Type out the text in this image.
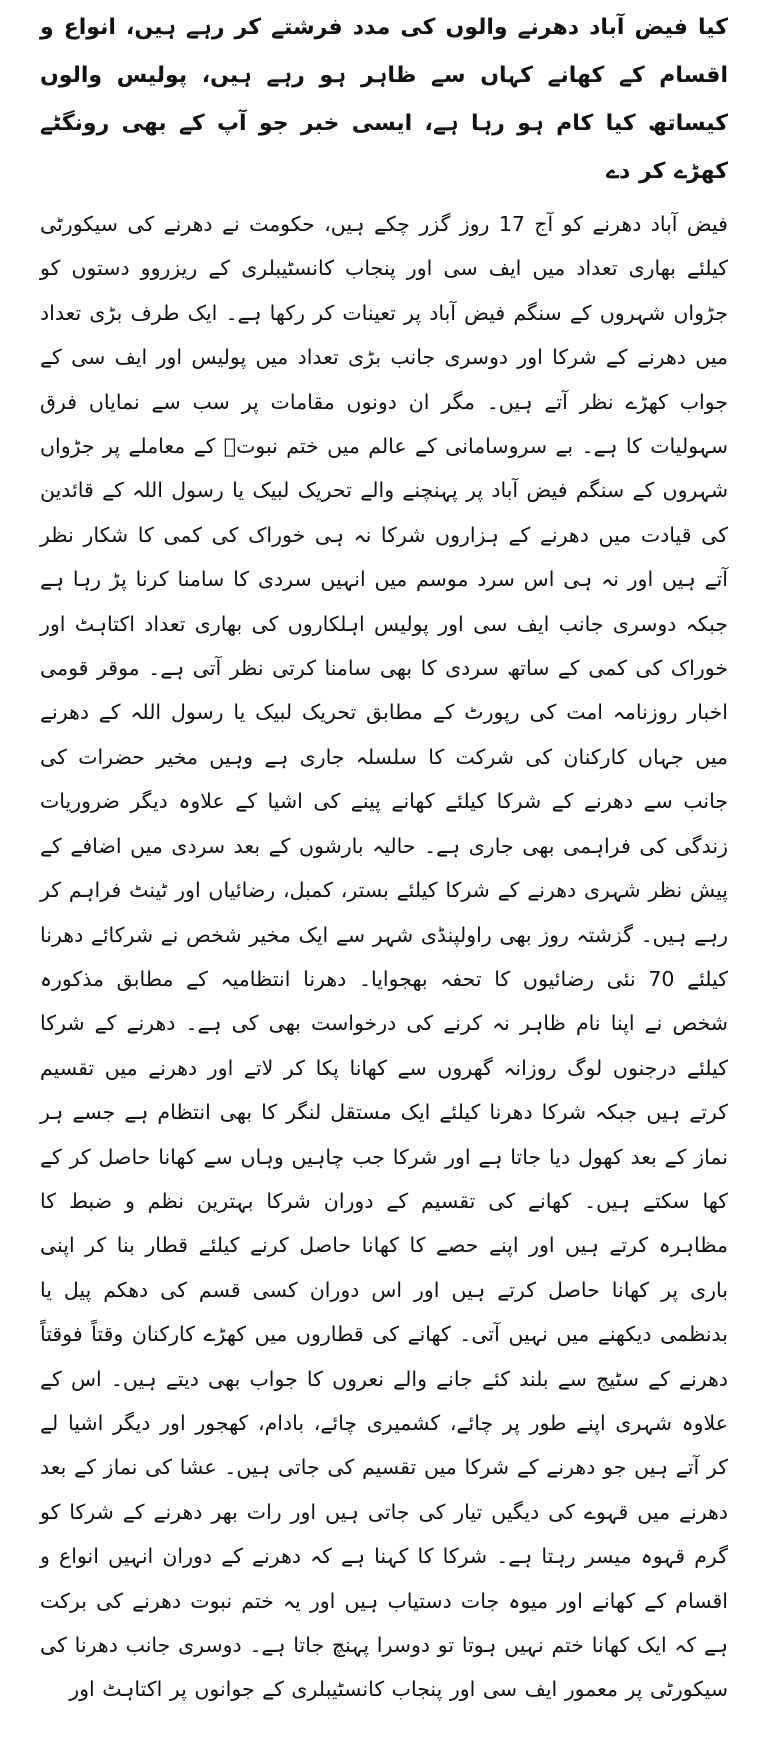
کیا فیض آباد دھرنے والوں کی مدد فرشتے کر رہے ہیں، انواع و اقسام کے کھانے کہاں سے ظاہر ہو رہے ہیں، پولیس والوں کیساتھ کیا کام ہو رہا ہے، ایسی خبر جو آپ کے بھی رونگٹے کھڑے کر دے

فیض آباد دھرنے کو آج 17 روز گزر چکے ہیں، حکومت نے دھرنے کی سیکورٹی کیلئے بھاری تعداد میں ایف سی اور پنجاب کانسٹیبلری کے ریزروو دستوں کو جڑواں شہروں کے سنگم فیض آباد پر تعینات کر رکھا ہے۔ ایک طرف بڑی تعداد میں دھرنے کے شرکا اور دوسری جانب بڑی تعداد میں پولیس اور ایف سی کے جواب کھڑے نظر آتے ہیں۔ مگر ان دونوں مقامات پر سب سے نمایاں فرق سہولیات کا ہے۔ بے سروسامانی کے عالم میں ختم نبوتؐ کے معاملے پر جڑواں شہروں کے سنگم فیض آباد پر پہنچنے والے تحریک لبیک یا رسول اللہ کے قائدین کی قیادت میں دھرنے کے ہزاروں شرکا نہ ہی خوراک کی کمی کا شکار نظر آتے ہیں اور نہ ہی اس سرد موسم میں انہیں سردی کا سامنا کرنا پڑ رہا ہے جبکہ دوسری جانب ایف سی اور پولیس اہلکاروں کی بھاری تعداد اکتاہٹ اور خوراک کی کمی کے ساتھ سردی کا بھی سامنا کرتی نظر آتی ہے۔ موقر قومی اخبار روزنامہ امت کی رپورٹ کے مطابق تحریک لبیک یا رسول اللہ کے دھرنے میں جہاں کارکنان کی شرکت کا سلسلہ جاری ہے وہیں مخیر حضرات کی جانب سے دھرنے کے شرکا کیلئے کھانے پینے کی اشیا کے علاوہ دیگر ضروریات زندگی کی فراہمی بھی جاری ہے۔ حالیہ بارشوں کے بعد سردی میں اضافے کے پیش نظر شہری دھرنے کے شرکا کیلئے بستر، کمبل، رضائیاں اور ٹینٹ فراہم کر رہے ہیں۔ گزشتہ روز بھی راولپنڈی شہر سے ایک مخیر شخص نے شرکائے دھرنا کیلئے 70 نئی رضائیوں کا تحفہ بھجوایا۔ دھرنا انتظامیہ کے مطابق مذکورہ شخص نے اپنا نام ظاہر نہ کرنے کی درخواست بھی کی ہے۔ دھرنے کے شرکا کیلئے درجنوں لوگ روزانہ گھروں سے کھانا پکا کر لاتے اور دھرنے میں تقسیم کرتے ہیں جبکہ شرکا دھرنا کیلئے ایک مستقل لنگر کا بھی انتظام ہے جسے ہر نماز کے بعد کھول دیا جاتا ہے اور شرکا جب چاہیں وہاں سے کھانا حاصل کر کے کھا سکتے ہیں۔ کھانے کی تقسیم کے دوران شرکا بہترین نظم و ضبط کا مظاہرہ کرتے ہیں اور اپنے حصے کا کھانا حاصل کرنے کیلئے قطار بنا کر اپنی باری پر کھانا حاصل کرتے ہیں اور اس دوران کسی قسم کی دھکم پیل یا بدنظمی دیکھنے میں نہیں آتی۔ کھانے کی قطاروں میں کھڑے کارکنان وقتاً فوقتاً دھرنے کے سٹیج سے بلند کئے جانے والے نعروں کا جواب بھی دیتے ہیں۔ اس کے علاوہ شہری اپنے طور پر چائے، کشمیری چائے، بادام، کھجور اور دیگر اشیا لے کر آتے ہیں جو دھرنے کے شرکا میں تقسیم کی جاتی ہیں۔ عشا کی نماز کے بعد دھرنے میں قہوے کی دیگیں تیار کی جاتی ہیں اور رات بھر دھرنے کے شرکا کو گرم قہوہ میسر رہتا ہے۔ شرکا کا کہنا ہے کہ دھرنے کے دوران انہیں انواع و اقسام کے کھانے اور میوہ جات دستیاب ہیں اور یہ ختم نبوت دھرنے کی برکت ہے کہ ایک کھانا ختم نہیں ہوتا تو دوسرا پہنچ جاتا ہے۔ دوسری جانب دھرنا کی سیکورٹی پر معمور ایف سی اور پنجاب کانسٹیبلری کے جوانوں پر اکتاہٹ اور
